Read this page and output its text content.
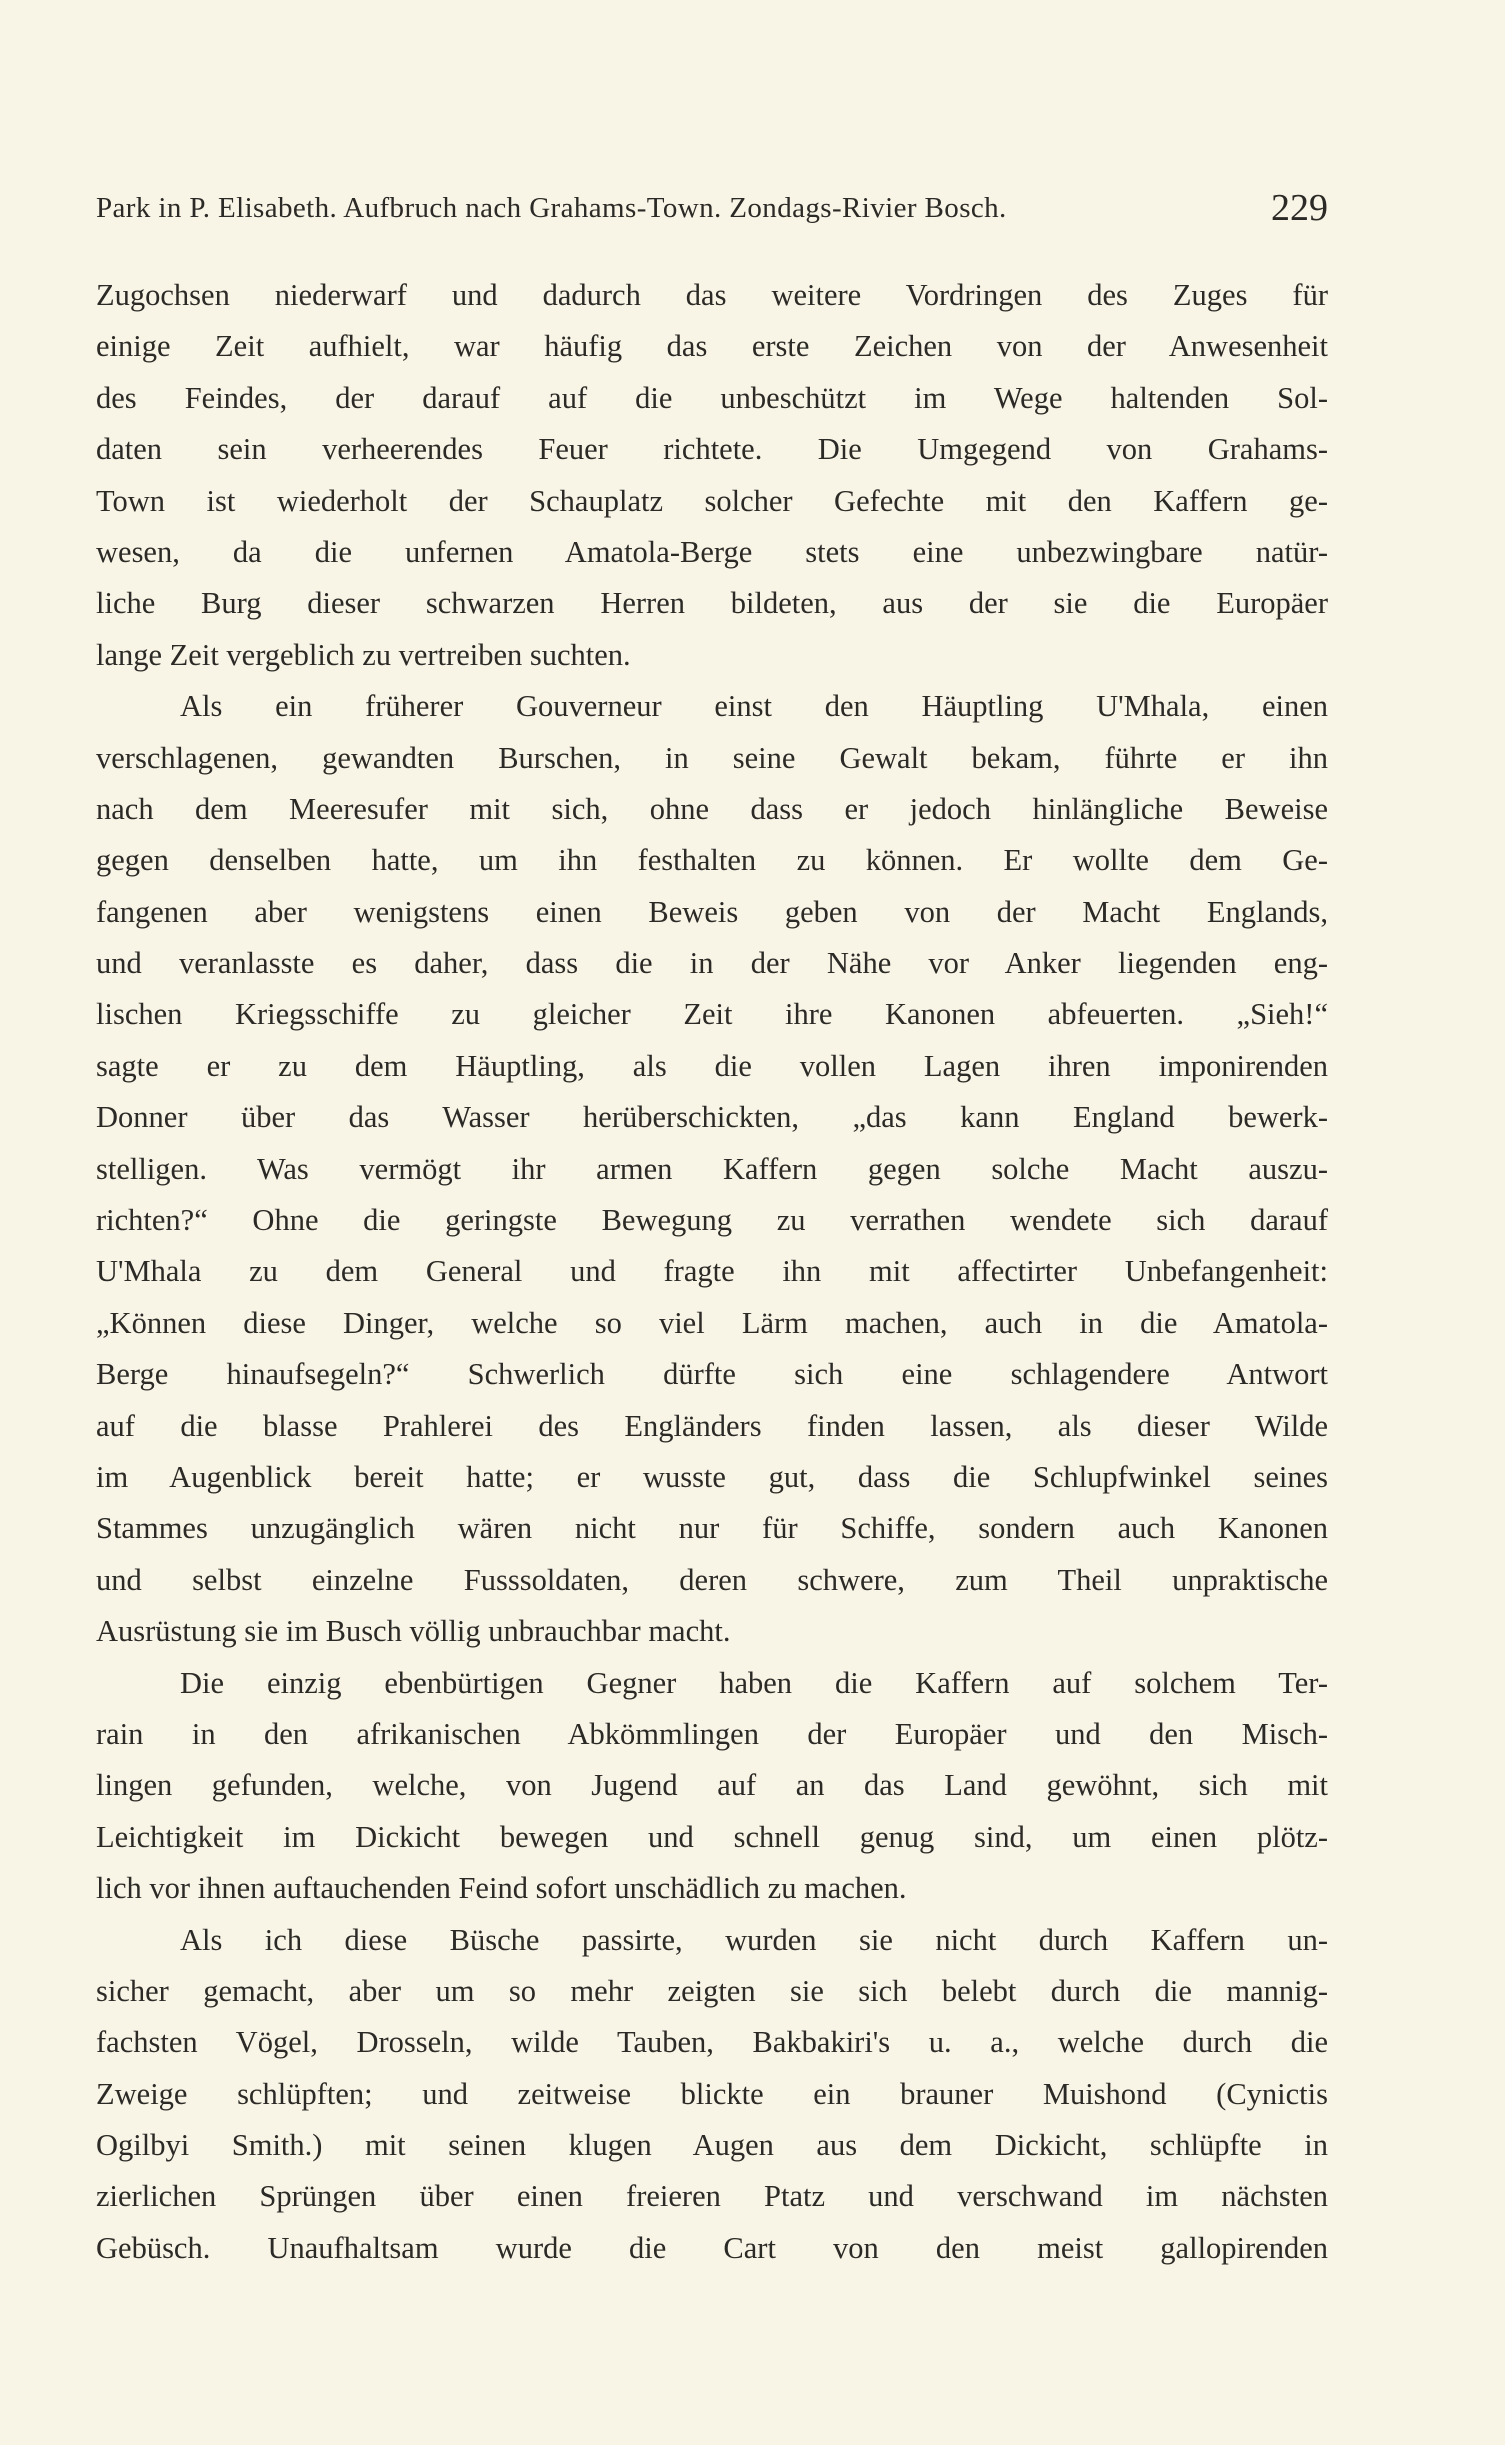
Park in P. Elisabeth. Aufbruch nach Grahams-Town. Zondags-Rivier Bosch.	229
Zugochsen niederwarf und dadurch das weitere Vordringen des Zuges für
einige Zeit aufhielt, war häufig das erste Zeichen von der Anwesenheit
des Feindes, der darauf auf die unbeschützt im Wege haltenden Sol-
daten sein verheerendes Feuer richtete. Die Umgegend von Grahams-
Town ist wiederholt der Schauplatz solcher Gefechte mit den Kaffern ge-
wesen, da die unfernen Amatola-Berge stets eine unbezwingbare natür-
liche Burg dieser schwarzen Herren bildeten, aus der sie die Europäer
lange Zeit vergeblich zu vertreiben suchten.
Als ein früherer Gouverneur einst den Häuptling U'Mhala, einen
verschlagenen, gewandten Burschen, in seine Gewalt bekam, führte er ihn
nach dem Meeresufer mit sich, ohne dass er jedoch hinlängliche Beweise
gegen denselben hatte, um ihn festhalten zu können. Er wollte dem Ge-
fangenen aber wenigstens einen Beweis geben von der Macht Englands,
und veranlasste es daher, dass die in der Nähe vor Anker liegenden eng-
lischen Kriegsschiffe zu gleicher Zeit ihre Kanonen abfeuerten. „Sieh!“
sagte er zu dem Häuptling, als die vollen Lagen ihren imponirenden
Donner über das Wasser herüberschickten, „das kann England bewerk-
stelligen. Was vermögt ihr armen Kaffern gegen solche Macht auszu-
richten?“ Ohne die geringste Bewegung zu verrathen wendete sich darauf
U'Mhala zu dem General und fragte ihn mit affectirter Unbefangenheit:
„Können diese Dinger, welche so viel Lärm machen, auch in die Amatola-
Berge hinaufsegeln?“ Schwerlich dürfte sich eine schlagendere Antwort
auf die blasse Prahlerei des Engländers finden lassen, als dieser Wilde
im Augenblick bereit hatte; er wusste gut, dass die Schlupfwinkel seines
Stammes unzugänglich wären nicht nur für Schiffe, sondern auch Kanonen
und selbst einzelne Fusssoldaten, deren schwere, zum Theil unpraktische
Ausrüstung sie im Busch völlig unbrauchbar macht.
Die einzig ebenbürtigen Gegner haben die Kaffern auf solchem Ter-
rain in den afrikanischen Abkömmlingen der Europäer und den Misch-
lingen gefunden, welche, von Jugend auf an das Land gewöhnt, sich mit
Leichtigkeit im Dickicht bewegen und schnell genug sind, um einen plötz-
lich vor ihnen auftauchenden Feind sofort unschädlich zu machen.
Als ich diese Büsche passirte, wurden sie nicht durch Kaffern un-
sicher gemacht, aber um so mehr zeigten sie sich belebt durch die mannig-
fachsten Vögel, Drosseln, wilde Tauben, Bakbakiri's u. a., welche durch die
Zweige schlüpften; und zeitweise blickte ein brauner Muishond (Cynictis
Ogilbyi Smith.) mit seinen klugen Augen aus dem Dickicht, schlüpfte in
zierlichen Sprüngen über einen freieren Ptatz und verschwand im nächsten
Gebüsch. Unaufhaltsam wurde die Cart von den meist gallopirenden
